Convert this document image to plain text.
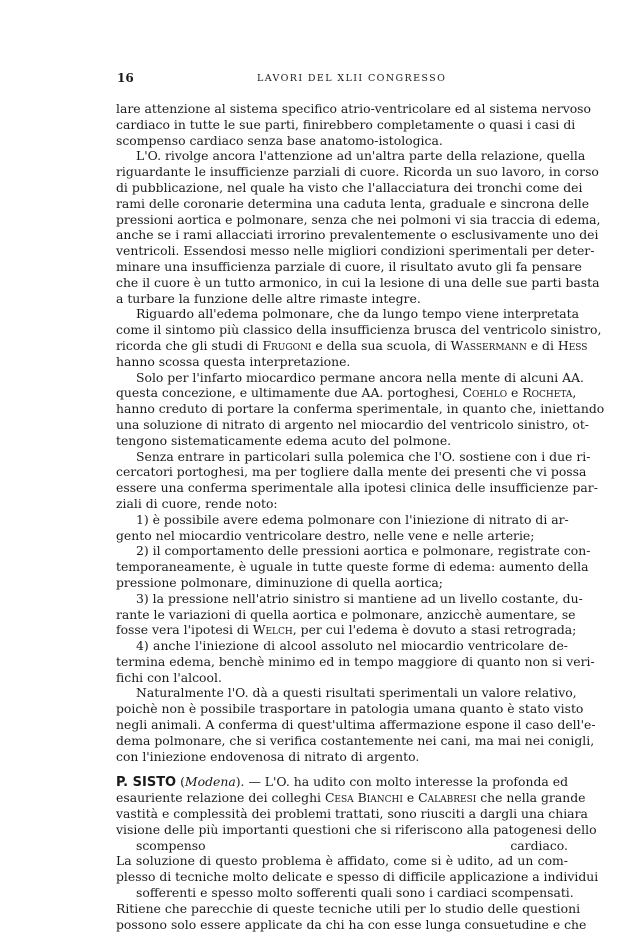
16	LAVORI DEL XLII CONGRESSO
lare attenzione al sistema specifico atrio-ventricolare ed al sistema nervoso
cardiaco in tutte le sue parti, finirebbero completamente o quasi i casi di
scompenso cardiaco senza base anatomo-istologica.
L'O. rivolge ancora l'attenzione ad un'altra parte della relazione, quella
riguardante le insufficienze parziali di cuore. Ricorda un suo lavoro, in corso
di pubblicazione, nel quale ha visto che l'allacciatura dei tronchi come dei
rami delle coronarie determina una caduta lenta, graduale e sincrona delle
pressioni aortica e polmonare, senza che nei polmoni vi sia traccia di edema,
anche se i rami allacciati irrorino prevalentemente o esclusivamente uno dei
ventricoli. Essendosi messo nelle migliori condizioni sperimentali per deter-
minare una insufficienza parziale di cuore, il risultato avuto gli fa pensare
che il cuore è un tutto armonico, in cui la lesione di una delle sue parti basta
a turbare la funzione delle altre rimaste integre.
Riguardo all'edema polmonare, che da lungo tempo viene interpretata
come il sintomo più classico della insufficienza brusca del ventricolo sinistro,
ricorda che gli studi di Frugoni e della sua scuola, di Wassermann e di Hess
hanno scossa questa interpretazione.
Solo per l'infarto miocardico permane ancora nella mente di alcuni AA.
questa concezione, e ultimamente due AA. portoghesi, Coehlo e Rocheta,
hanno creduto di portare la conferma sperimentale, in quanto che, iniettando
una soluzione di nitrato di argento nel miocardio del ventricolo sinistro, ot-
tengono sistematicamente edema acuto del polmone.
Senza entrare in particolari sulla polemica che l'O. sostiene con i due ri-
cercatori portoghesi, ma per togliere dalla mente dei presenti che vi possa
essere una conferma sperimentale alla ipotesi clinica delle insufficienze par-
ziali di cuore, rende noto:
1) è possibile avere edema polmonare con l'iniezione di nitrato di ar-
gento nel miocardio ventricolare destro, nelle vene e nelle arterie;
2) il comportamento delle pressioni aortica e polmonare, registrate con-
temporaneamente, è uguale in tutte queste forme di edema: aumento della
pressione polmonare, diminuzione di quella aortica;
3) la pressione nell'atrio sinistro si mantiene ad un livello costante, du-
rante le variazioni di quella aortica e polmonare, anzicchè aumentare, se
fosse vera l'ipotesi di Welch, per cui l'edema è dovuto a stasi retrograda;
4) anche l'iniezione di alcool assoluto nel miocardio ventricolare de-
termina edema, benchè minimo ed in tempo maggiore di quanto non si veri-
fichi con l'alcool.
Naturalmente l'O. dà a questi risultati sperimentali un valore relativo,
poichè non è possibile trasportare in patologia umana quanto è stato visto
negli animali. A conferma di quest'ultima affermazione espone il caso dell'e-
dema polmonare, che si verifica costantemente nei cani, ma mai nei conigli,
con l'iniezione endovenosa di nitrato di argento.
P. SISTO (Modena). — L'O. ha udito con molto interesse la profonda ed
esauriente relazione dei colleghi Cesa Bianchi e Calabresi che nella grande
vastità e complessità dei problemi trattati, sono riusciti a dargli una chiara
visione delle più importanti questioni che si riferiscono alla patogenesi dello
scompenso cardiaco.
La soluzione di questo problema è affidato, come si è udito, ad un com-
plesso di tecniche molto delicate e spesso di difficile applicazione a individui
sofferenti e spesso molto sofferenti quali sono i cardiaci scompensati.
Ritiene che parecchie di queste tecniche utili per lo studio delle questioni
possono solo essere applicate da chi ha con esse lunga consuetudine e che
